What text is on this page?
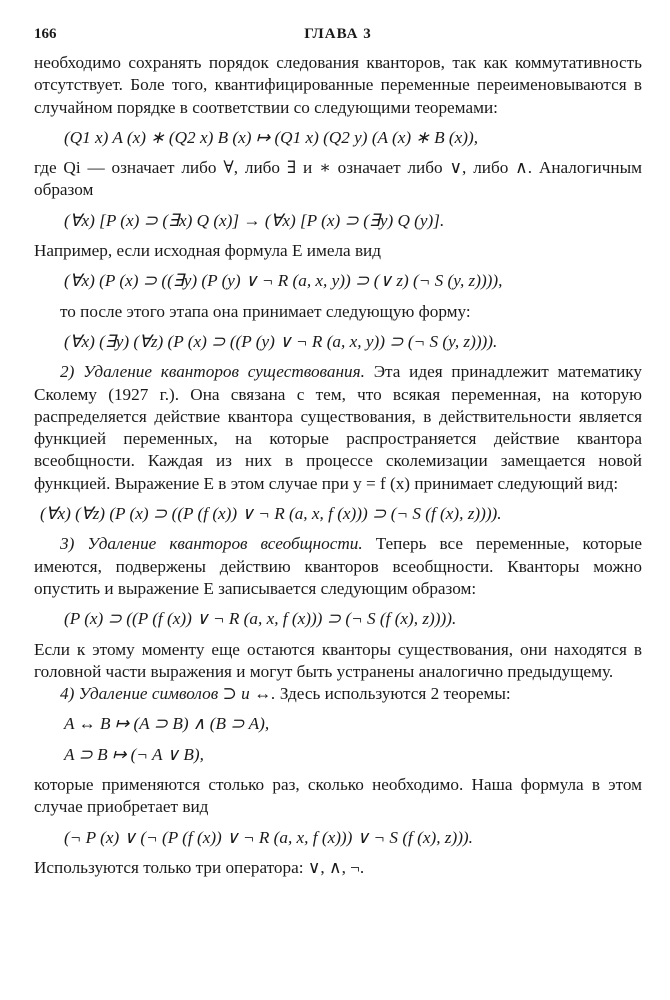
166	ГЛАВА 3

необходимо сохранять порядок следования кванторов, так как коммутативность отсутствует. Боле того, квантифицированные переменные переименовываются в случайном порядке в соответствии со следующими теоремами:

(Q1 x) A (x) ∗ (Q2 x) B (x) ↦ (Q1 x) (Q2 y) (A (x) ∗ B (x)),

где Qi — означает либо ∀, либо ∃ и ∗ означает либо ∨, либо ∧. Аналогичным образом

(∀x) [P (x) ⊃ (∃x) Q (x)] → (∀x) [P (x) ⊃ (∃y) Q (y)].

Например, если исходная формула E имела вид

(∀x) (P (x) ⊃ ((∃y) (P (y) ∨ ¬ R (a, x, y)) ⊃ (∨ z) (¬ S (y, z)))),

то после этого этапа она принимает следующую форму:

(∀x) (∃y) (∀z) (P (x) ⊃ ((P (y) ∨ ¬ R (a, x, y)) ⊃ (¬ S (y, z)))).

2) Удаление кванторов существования. Эта идея принадлежит математику Сколему (1927 г.). Она связана с тем, что всякая переменная, на которую распределяется действие квантора существования, в действительности является функцией переменных, на которые распространяется действие квантора всеобщности. Каждая из них в процессе сколемизации замещается новой функцией. Выражение E в этом случае при y = f (x) принимает следующий вид:

(∀x) (∀z) (P (x) ⊃ ((P (f (x)) ∨ ¬ R (a, x, f (x))) ⊃ (¬ S (f (x), z)))).

3) Удаление кванторов всеобщности. Теперь все переменные, которые имеются, подвержены действию кванторов всеобщности. Кванторы можно опустить и выражение E записывается следующим образом:

(P (x) ⊃ ((P (f (x)) ∨ ¬ R (a, x, f (x))) ⊃ (¬ S (f (x), z)))).

Если к этому моменту еще остаются кванторы существования, они находятся в головной части выражения и могут быть устранены аналогично предыдущему.

4) Удаление символов ⊃ и ↔. Здесь используются 2 теоремы:

A ↔ B ↦ (A ⊃ B) ∧ (B ⊃ A),
A ⊃ B ↦ (¬ A ∨ B),

которые применяются столько раз, сколько необходимо. Наша формула в этом случае приобретает вид

(¬ P (x) ∨ (¬ (P (f (x)) ∨ ¬ R (a, x, f (x))) ∨ ¬ S (f (x), z))).

Используются только три оператора: ∨, ∧, ¬.
